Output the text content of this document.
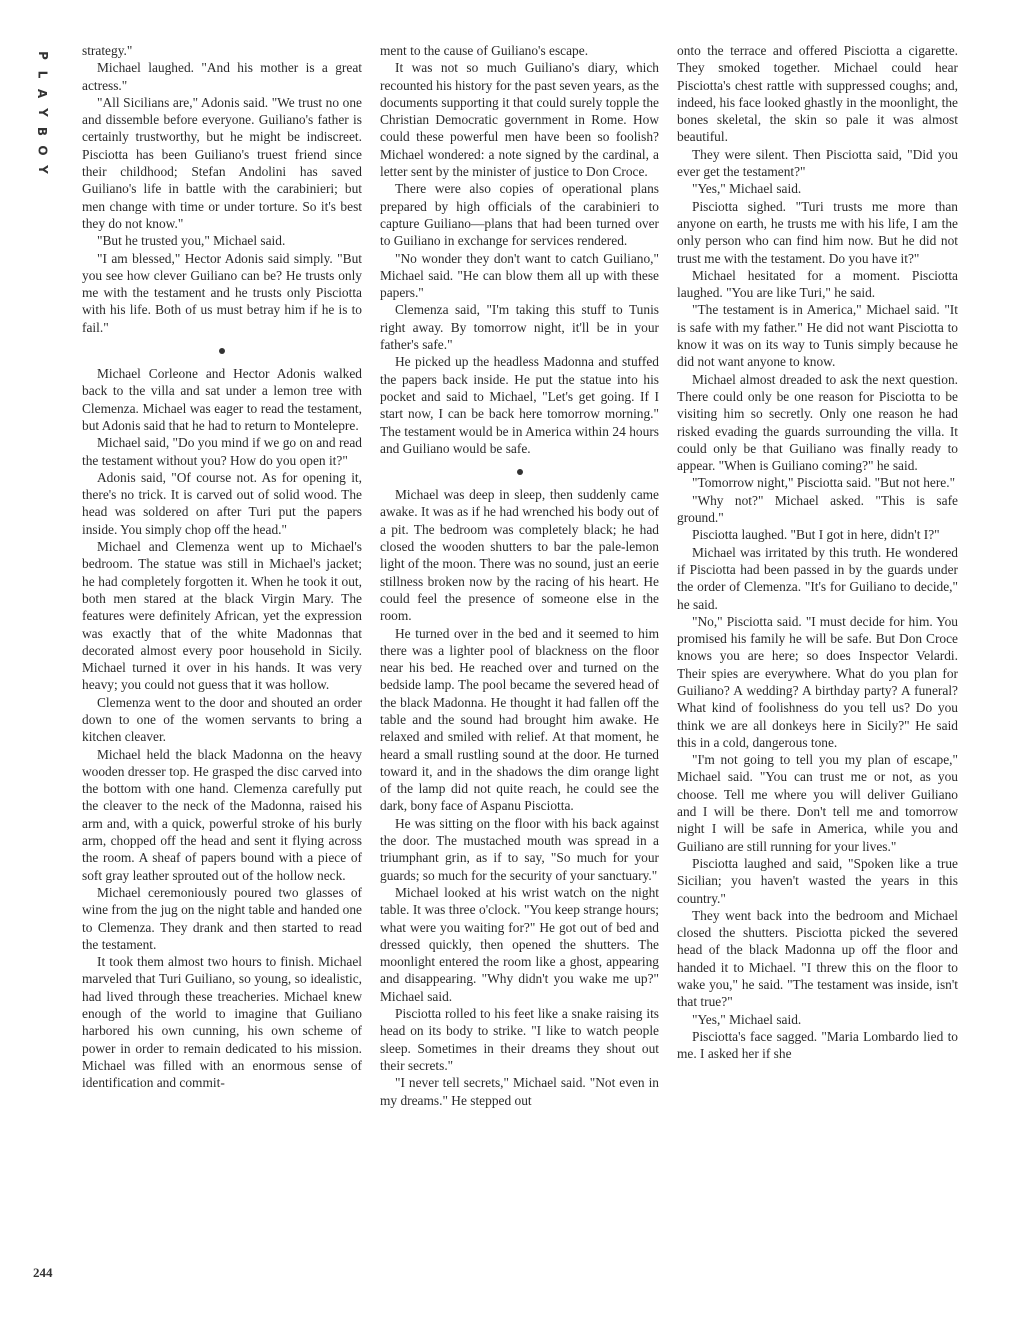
P
L
A
Y
B
O
Y
244

strategy."

Michael laughed. "And his mother is a great actress."

"All Sicilians are," Adonis said. "We trust no one and dissemble before everyone. Guiliano's father is certainly trustworthy, but he might be indiscreet. Pisciotta has been Guiliano's truest friend since their childhood; Stefan Andolini has saved Guiliano's life in battle with the carabinieri; but men change with time or under torture. So it's best they do not know."

"But he trusted you," Michael said.

"I am blessed," Hector Adonis said simply. "But you see how clever Guiliano can be? He trusts only me with the testament and he trusts only Pisciotta with his life. Both of us must betray him if he is to fail."

Michael Corleone and Hector Adonis walked back to the villa and sat under a lemon tree with Clemenza. Michael was eager to read the testament, but Adonis said that he had to return to Montelepre.

Michael said, "Do you mind if we go on and read the testament without you? How do you open it?"

Adonis said, "Of course not. As for opening it, there's no trick. It is carved out of solid wood. The head was soldered on after Turi put the papers inside. You simply chop off the head."

Michael and Clemenza went up to Michael's bedroom. The statue was still in Michael's jacket; he had completely forgotten it. When he took it out, both men stared at the black Virgin Mary. The features were definitely African, yet the expression was exactly that of the white Madonnas that decorated almost every poor household in Sicily. Michael turned it over in his hands. It was very heavy; you could not guess that it was hollow.

Clemenza went to the door and shouted an order down to one of the women servants to bring a kitchen cleaver.

Michael held the black Madonna on the heavy wooden dresser top. He grasped the disc carved into the bottom with one hand. Clemenza carefully put the cleaver to the neck of the Madonna, raised his arm and, with a quick, powerful stroke of his burly arm, chopped off the head and sent it flying across the room. A sheaf of papers bound with a piece of soft gray leather sprouted out of the hollow neck.

Michael ceremoniously poured two glasses of wine from the jug on the night table and handed one to Clemenza. They drank and then started to read the testament.

It took them almost two hours to finish. Michael marveled that Turi Guiliano, so young, so idealistic, had lived through these treacheries. Michael knew enough of the world to imagine that Guiliano harbored his own cunning, his own scheme of power in order to remain dedicated to his mission. Michael was filled with an enormous sense of identification and commit-

ment to the cause of Guiliano's escape.

It was not so much Guiliano's diary, which recounted his history for the past seven years, as the documents supporting it that could surely topple the Christian Democratic government in Rome. How could these powerful men have been so foolish? Michael wondered: a note signed by the cardinal, a letter sent by the minister of justice to Don Croce.

There were also copies of operational plans prepared by high officials of the carabinieri to capture Guiliano—plans that had been turned over to Guiliano in exchange for services rendered.

"No wonder they don't want to catch Guiliano," Michael said. "He can blow them all up with these papers."

Clemenza said, "I'm taking this stuff to Tunis right away. By tomorrow night, it'll be in your father's safe."

He picked up the headless Madonna and stuffed the papers back inside. He put the statue into his pocket and said to Michael, "Let's get going. If I start now, I can be back here tomorrow morning." The testament would be in America within 24 hours and Guiliano would be safe.

Michael was deep in sleep, then suddenly came awake. It was as if he had wrenched his body out of a pit. The bedroom was completely black; he had closed the wooden shutters to bar the pale-lemon light of the moon. There was no sound, just an eerie stillness broken now by the racing of his heart. He could feel the presence of someone else in the room.

He turned over in the bed and it seemed to him there was a lighter pool of blackness on the floor near his bed. He reached over and turned on the bedside lamp. The pool became the severed head of the black Madonna. He thought it had fallen off the table and the sound had brought him awake. He relaxed and smiled with relief. At that moment, he heard a small rustling sound at the door. He turned toward it, and in the shadows the dim orange light of the lamp did not quite reach, he could see the dark, bony face of Aspanu Pisciotta.

He was sitting on the floor with his back against the door. The mustached mouth was spread in a triumphant grin, as if to say, "So much for your guards; so much for the security of your sanctuary."

Michael looked at his wrist watch on the night table. It was three o'clock. "You keep strange hours; what were you waiting for?" He got out of bed and dressed quickly, then opened the shutters. The moonlight entered the room like a ghost, appearing and disappearing. "Why didn't you wake me up?" Michael said.

Pisciotta rolled to his feet like a snake raising its head on its body to strike. "I like to watch people sleep. Sometimes in their dreams they shout out their secrets."

"I never tell secrets," Michael said. "Not even in my dreams." He stepped out

onto the terrace and offered Pisciotta a cigarette. They smoked together. Michael could hear Pisciotta's chest rattle with suppressed coughs; and, indeed, his face looked ghastly in the moonlight, the bones skeletal, the skin so pale it was almost beautiful.

They were silent. Then Pisciotta said, "Did you ever get the testament?"

"Yes," Michael said.

Pisciotta sighed. "Turi trusts me more than anyone on earth, he trusts me with his life, I am the only person who can find him now. But he did not trust me with the testament. Do you have it?"

Michael hesitated for a moment. Pisciotta laughed. "You are like Turi," he said.

"The testament is in America," Michael said. "It is safe with my father." He did not want Pisciotta to know it was on its way to Tunis simply because he did not want anyone to know.

Michael almost dreaded to ask the next question. There could only be one reason for Pisciotta to be visiting him so secretly. Only one reason he had risked evading the guards surrounding the villa. It could only be that Guiliano was finally ready to appear. "When is Guiliano coming?" he said.

"Tomorrow night," Pisciotta said. "But not here."

"Why not?" Michael asked. "This is safe ground."

Pisciotta laughed. "But I got in here, didn't I?"

Michael was irritated by this truth. He wondered if Pisciotta had been passed in by the guards under the order of Clemenza. "It's for Guiliano to decide," he said.

"No," Pisciotta said. "I must decide for him. You promised his family he will be safe. But Don Croce knows you are here; so does Inspector Velardi. Their spies are everywhere. What do you plan for Guiliano? A wedding? A birthday party? A funeral? What kind of foolishness do you tell us? Do you think we are all donkeys here in Sicily?" He said this in a cold, dangerous tone.

"I'm not going to tell you my plan of escape," Michael said. "You can trust me or not, as you choose. Tell me where you will deliver Guiliano and I will be there. Don't tell me and tomorrow night I will be safe in America, while you and Guiliano are still running for your lives."

Pisciotta laughed and said, "Spoken like a true Sicilian; you haven't wasted the years in this country."

They went back into the bedroom and Michael closed the shutters. Pisciotta picked the severed head of the black Madonna up off the floor and handed it to Michael. "I threw this on the floor to wake you," he said. "The testament was inside, isn't that true?"

"Yes," Michael said.

Pisciotta's face sagged. "Maria Lombardo lied to me. I asked her if she
